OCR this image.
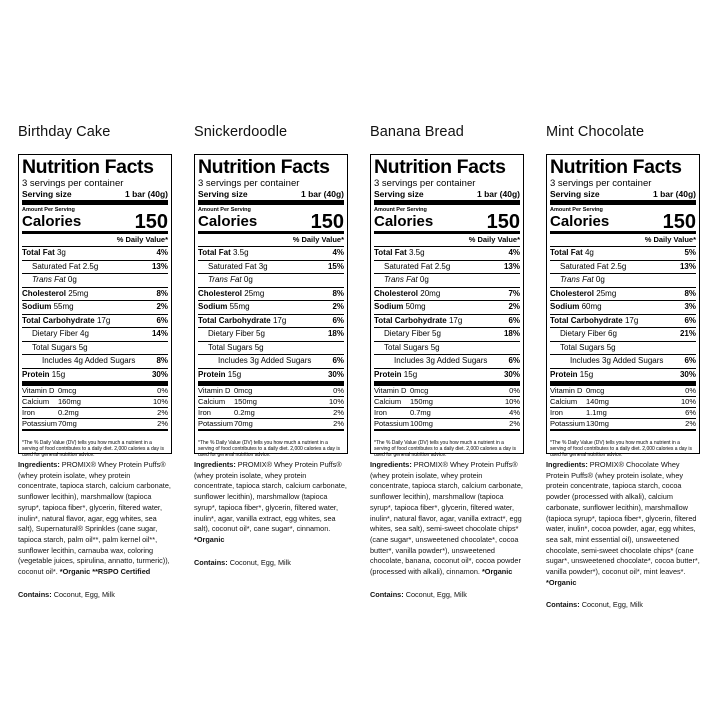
Birthday Cake
Nutrition Facts
3 servings per container
Serving size	1 bar (40g)
Amount Per Serving
Calories	150
% Daily Value*
Total Fat 3g	4%
Saturated Fat 2.5g	13%
Trans Fat 0g
Cholesterol 25mg	8%
Sodium 55mg	2%
Total Carbohydrate 17g	6%
Dietary Fiber 4g	14%
Total Sugars 5g
Includes 4g Added Sugars	8%
Protein 15g	30%
Vitamin D 0mcg	0%
Calcium	160mg	10%
Iron	0.2mg	2%
Potassium 70mg	2%
*The % Daily Value (DV) tells you how much a nutrient in a serving of food contributes to a daily diet. 2,000 calories a day is used for general nutrition advice.
Ingredients: PROMIX® Whey Protein Puffs® (whey protein isolate, whey protein concentrate, tapioca starch, calcium carbonate, sunflower lecithin), marshmallow (tapioca syrup*, tapioca fiber*, glycerin, filtered water, inulin*, natural flavor, agar, egg whites, sea salt), Supernatural® Sprinkles (cane sugar, tapioca starch, palm oil**, palm kernel oil**, sunflower lecithin, carnauba wax, coloring (vegetable juices, spirulina, annatto, turmeric)), coconut oil*. *Organic **RSPO Certified
Contains: Coconut, Egg, Milk
Snickerdoodle
Nutrition Facts
3 servings per container
Serving size	1 bar (40g)
Amount Per Serving
Calories	150
% Daily Value*
Total Fat 3.5g	4%
Saturated Fat 3g	15%
Trans Fat 0g
Cholesterol 25mg	8%
Sodium 55mg	2%
Total Carbohydrate 17g	6%
Dietary Fiber 5g	18%
Total Sugars 5g
Includes 3g Added Sugars	6%
Protein 15g	30%
Vitamin D 0mcg	0%
Calcium	150mg	10%
Iron	0.2mg	2%
Potassium 70mg	2%
*The % Daily Value (DV) tells you how much a nutrient in a serving of food contributes to a daily diet. 2,000 calories a day is used for general nutrition advice.
Ingredients: PROMIX® Whey Protein Puffs® (whey protein isolate, whey protein concentrate, tapioca starch, calcium carbonate, sunflower lecithin), marshmallow (tapioca syrup*, tapioca fiber*, glycerin, filtered water, inulin*, agar, vanilla extract, egg whites, sea salt), coconut oil*, cane sugar*, cinnamon. *Organic
Contains: Coconut, Egg, Milk
Banana Bread
Nutrition Facts
3 servings per container
Serving size	1 bar (40g)
Amount Per Serving
Calories	150
% Daily Value*
Total Fat 3.5g	4%
Saturated Fat 2.5g	13%
Trans Fat 0g
Cholesterol 20mg	7%
Sodium 50mg	2%
Total Carbohydrate 17g	6%
Dietary Fiber 5g	18%
Total Sugars 5g
Includes 3g Added Sugars	6%
Protein 15g	30%
Vitamin D 0mcg	0%
Calcium	150mg	10%
Iron	0.7mg	4%
Potassium 100mg	2%
*The % Daily Value (DV) tells you how much a nutrient in a serving of food contributes to a daily diet. 2,000 calories a day is used for general nutrition advice.
Ingredients: PROMIX® Whey Protein Puffs® (whey protein isolate, whey protein concentrate, tapioca starch, calcium carbonate, sunflower lecithin), marshmallow (tapioca syrup*, tapioca fiber*, glycerin, filtered water, inulin*, natural flavor, agar, vanilla extract*, egg whites, sea salt), semi-sweet chocolate chips* (cane sugar*, unsweetened chocolate*, cocoa butter*, vanilla powder*), unsweetened chocolate, banana, coconut oil*, cocoa powder (processed with alkali), cinnamon. *Organic
Contains: Coconut, Egg, Milk
Mint Chocolate
Nutrition Facts
3 servings per container
Serving size	1 bar (40g)
Amount Per Serving
Calories	150
% Daily Value*
Total Fat 4g	5%
Saturated Fat 2.5g	13%
Trans Fat 0g
Cholesterol 25mg	8%
Sodium 60mg	3%
Total Carbohydrate 17g	6%
Dietary Fiber 6g	21%
Total Sugars 5g
Includes 3g Added Sugars	6%
Protein 15g	30%
Vitamin D 0mcg	0%
Calcium	140mg	10%
Iron	1.1mg	6%
Potassium 130mg	2%
*The % Daily Value (DV) tells you how much a nutrient in a serving of food contributes to a daily diet. 2,000 calories a day is used for general nutrition advice.
Ingredients: PROMIX® Chocolate Whey Protein Puffs® (whey protein isolate, whey protein concentrate, tapioca starch, cocoa powder (processed with alkali), calcium carbonate, sunflower lecithin), marshmallow (tapioca syrup*, tapioca fiber*, glycerin, filtered water, inulin*, cocoa powder, agar, egg whites, sea salt, mint essential oil), unsweetened chocolate, semi-sweet chocolate chips* (cane sugar*, unsweetened chocolate*, cocoa butter*, vanilla powder*), coconut oil*, mint leaves*. *Organic
Contains: Coconut, Egg, Milk
